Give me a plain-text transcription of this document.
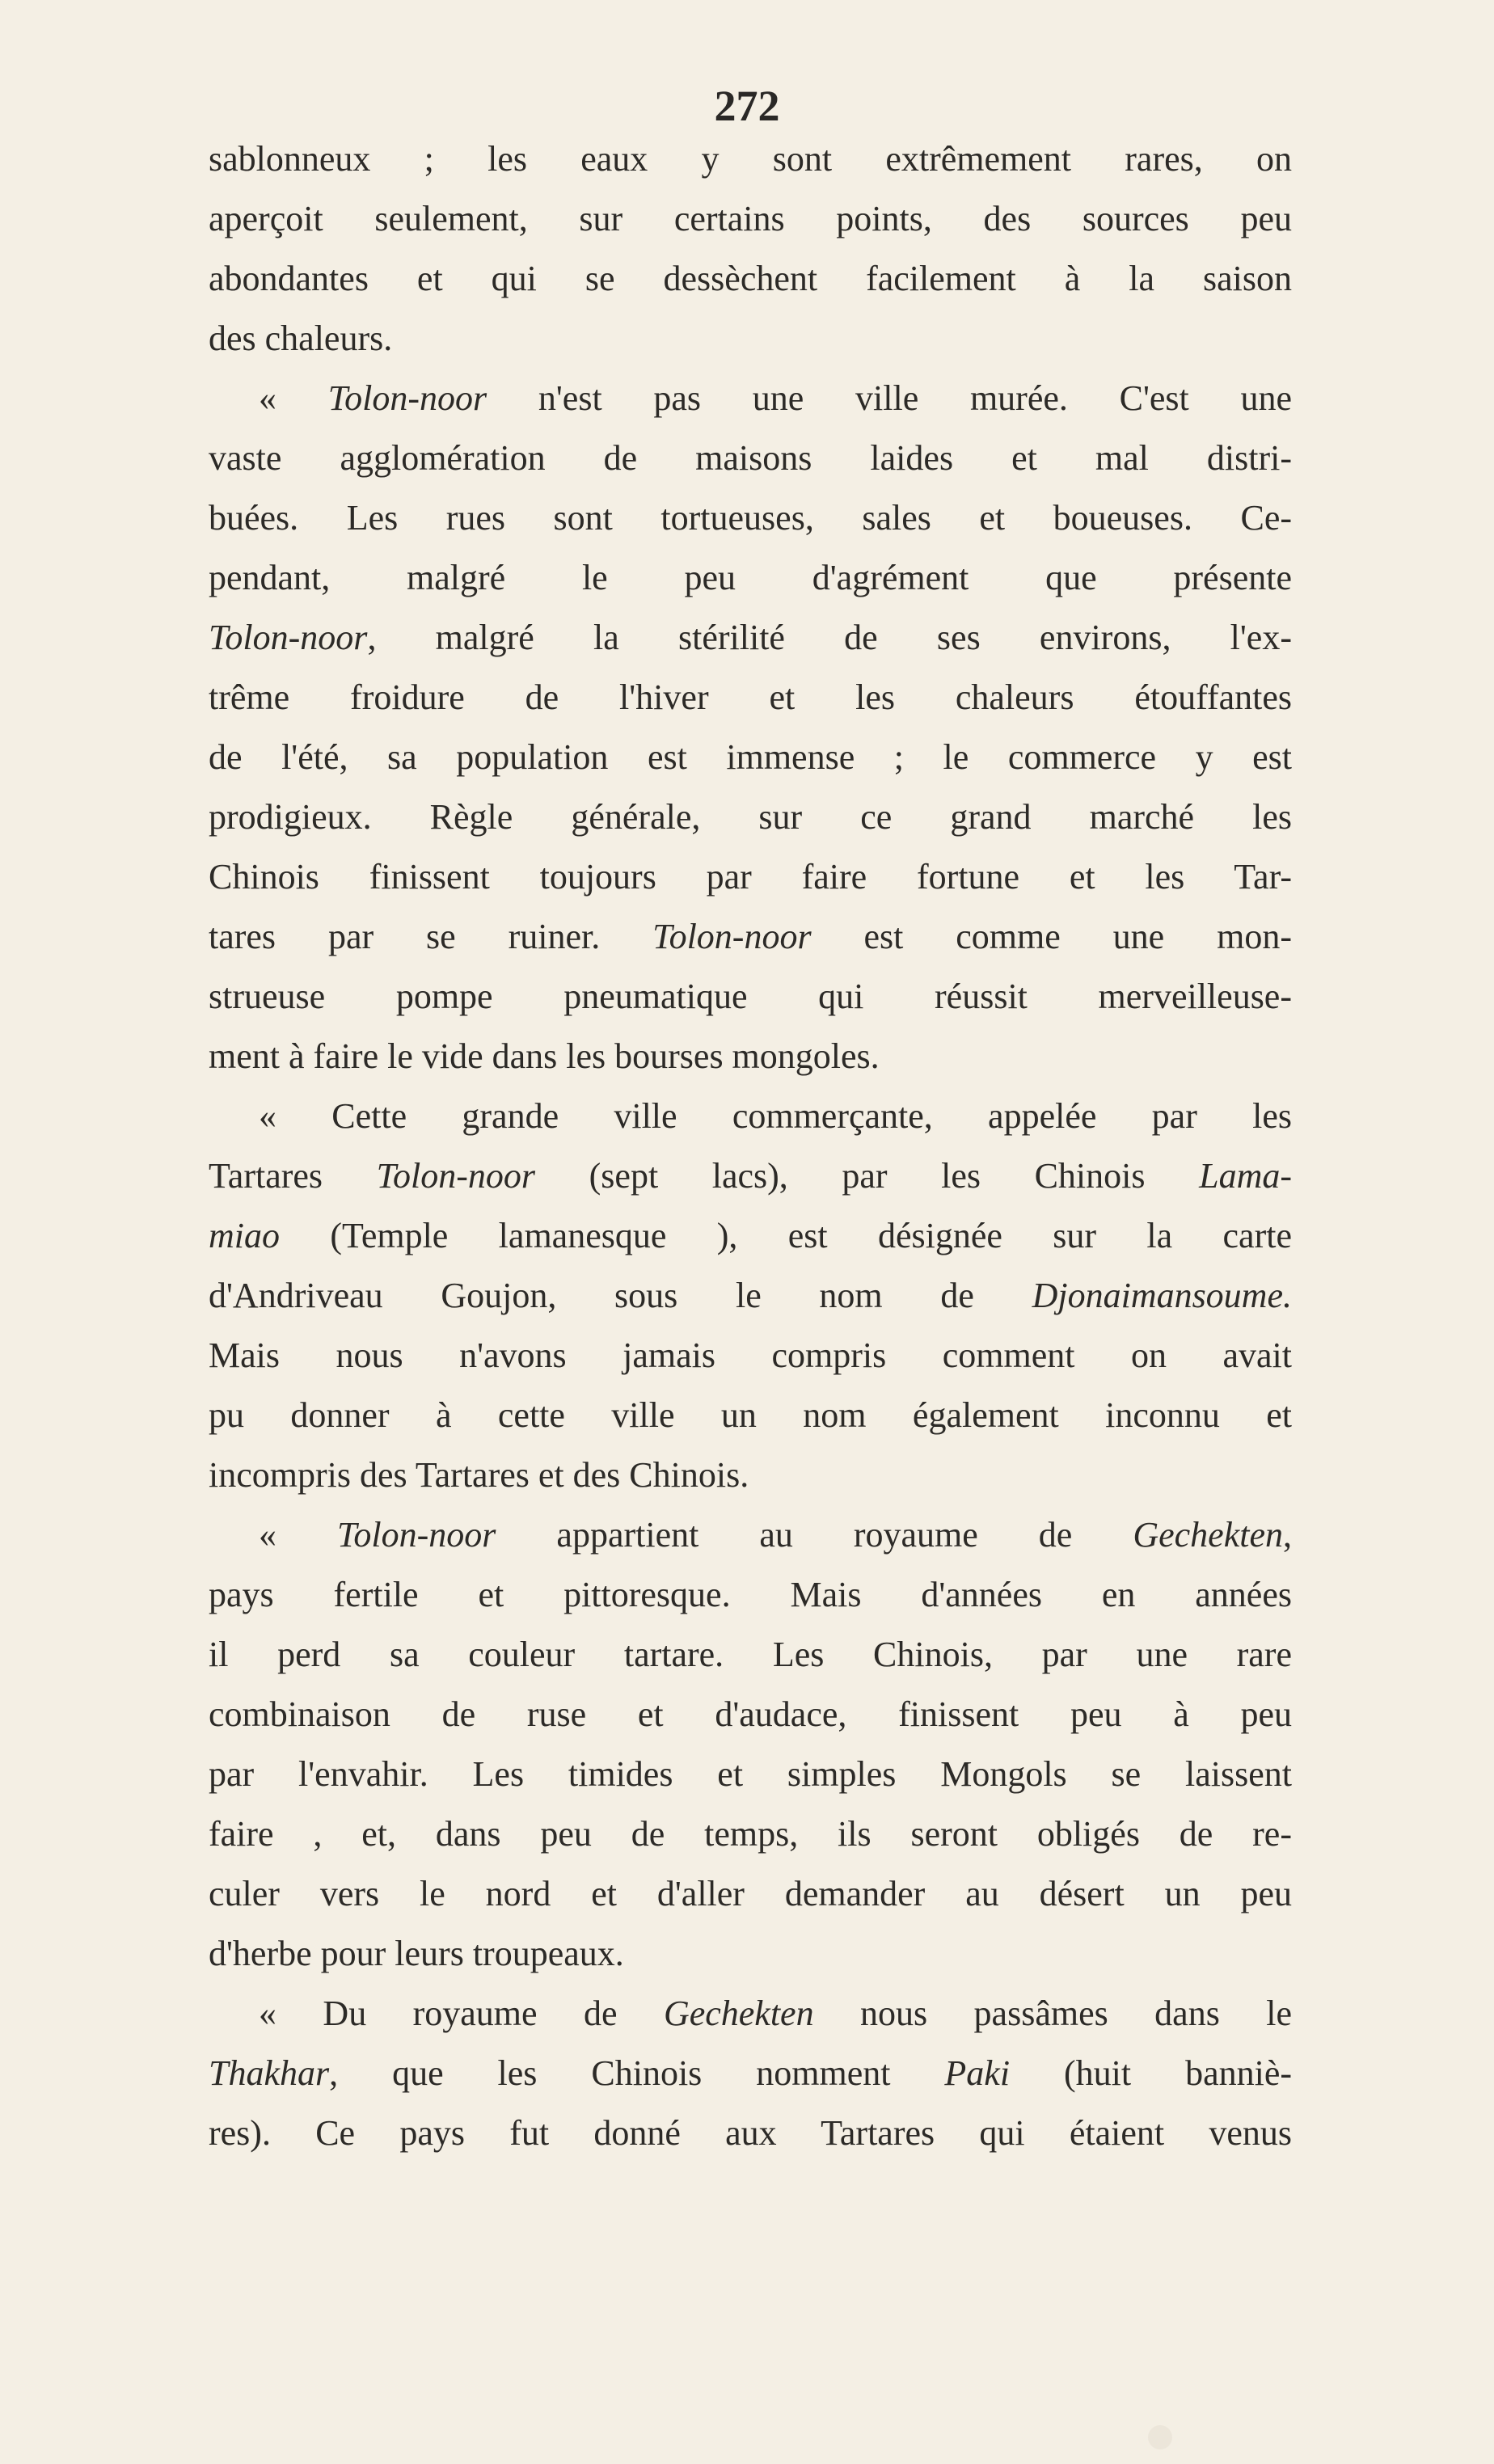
272
sablonneux ; les eaux y sont extrêmement rares, on
aperçoit seulement, sur certains points, des sources peu
abondantes et qui se dessèchent facilement à la saison
des chaleurs.
« Tolon-noor n'est pas une ville murée. C'est une
vaste agglomération de maisons laides et mal distri-
buées. Les rues sont tortueuses, sales et boueuses. Ce-
pendant, malgré le peu d'agrément que présente
Tolon-noor, malgré la stérilité de ses environs, l'ex-
trême froidure de l'hiver et les chaleurs étouffantes
de l'été, sa population est immense ; le commerce y est
prodigieux. Règle générale, sur ce grand marché les
Chinois finissent toujours par faire fortune et les Tar-
tares par se ruiner. Tolon-noor est comme une mon-
strueuse pompe pneumatique qui réussit merveilleuse-
ment à faire le vide dans les bourses mongoles.
« Cette grande ville commerçante, appelée par les
Tartares Tolon-noor (sept lacs), par les Chinois Lama-
miao (Temple lamanesque ), est désignée sur la carte
d'Andriveau Goujon, sous le nom de Djonaimansoume.
Mais nous n'avons jamais compris comment on avait
pu donner à cette ville un nom également inconnu et
incompris des Tartares et des Chinois.
« Tolon-noor appartient au royaume de Gechekten,
pays fertile et pittoresque. Mais d'années en années
il perd sa couleur tartare. Les Chinois, par une rare
combinaison de ruse et d'audace, finissent peu à peu
par l'envahir. Les timides et simples Mongols se laissent
faire , et, dans peu de temps, ils seront obligés de re-
culer vers le nord et d'aller demander au désert un peu
d'herbe pour leurs troupeaux.
« Du royaume de Gechekten nous passâmes dans le
Thakhar, que les Chinois nomment Paki (huit banniè-
res). Ce pays fut donné aux Tartares qui étaient venus
